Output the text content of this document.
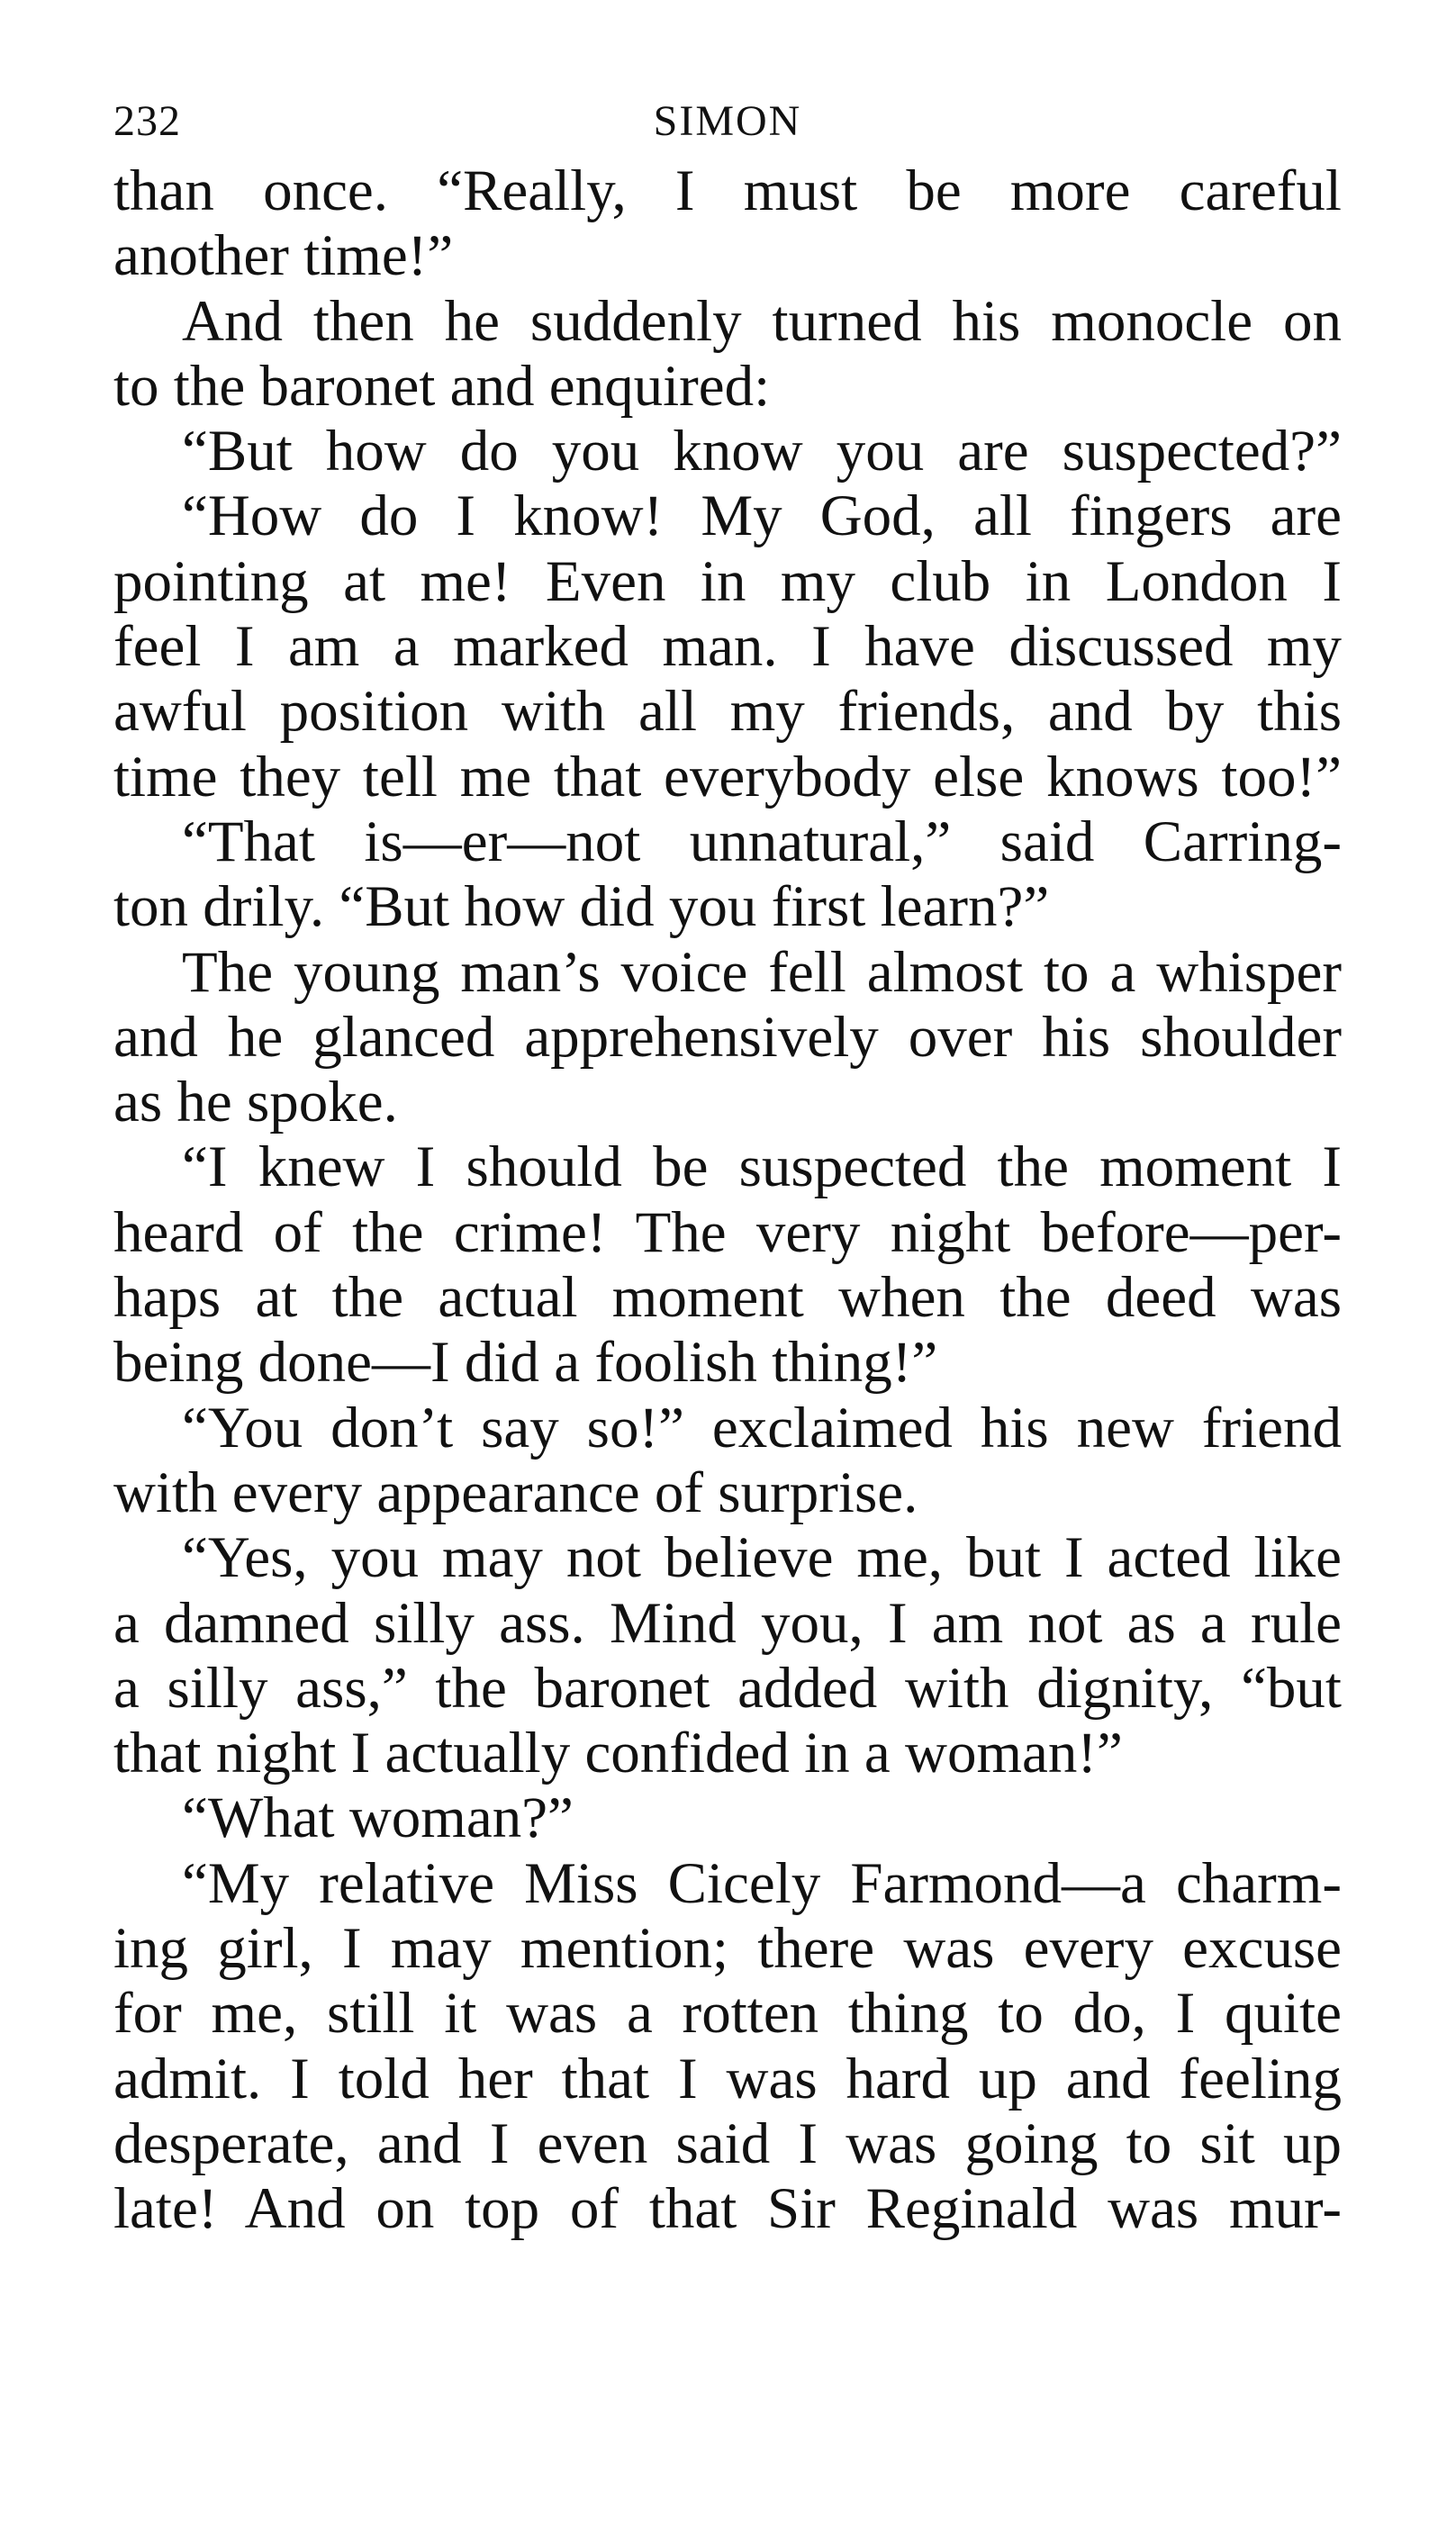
232	SIMON
than once. “Really, I must be more careful
another time!”
And then he suddenly turned his monocle on
to the baronet and enquired:
“But how do you know you are suspected?”
“How do I know! My God, all fingers are
pointing at me! Even in my club in London I
feel I am a marked man. I have discussed my
awful position with all my friends, and by this
time they tell me that everybody else knows too!”
“That is—er—not unnatural,” said Carring-
ton drily. “But how did you first learn?”
The young man’s voice fell almost to a whisper
and he glanced apprehensively over his shoulder
as he spoke.
“I knew I should be suspected the moment I
heard of the crime! The very night before—per-
haps at the actual moment when the deed was
being done—I did a foolish thing!”
“You don’t say so!” exclaimed his new friend
with every appearance of surprise.
“Yes, you may not believe me, but I acted like
a damned silly ass. Mind you, I am not as a rule
a silly ass,” the baronet added with dignity, “but
that night I actually confided in a woman!”
“What woman?”
“My relative Miss Cicely Farmond—a charm-
ing girl, I may mention; there was every excuse
for me, still it was a rotten thing to do, I quite
admit. I told her that I was hard up and feeling
desperate, and I even said I was going to sit up
late! And on top of that Sir Reginald was mur-
